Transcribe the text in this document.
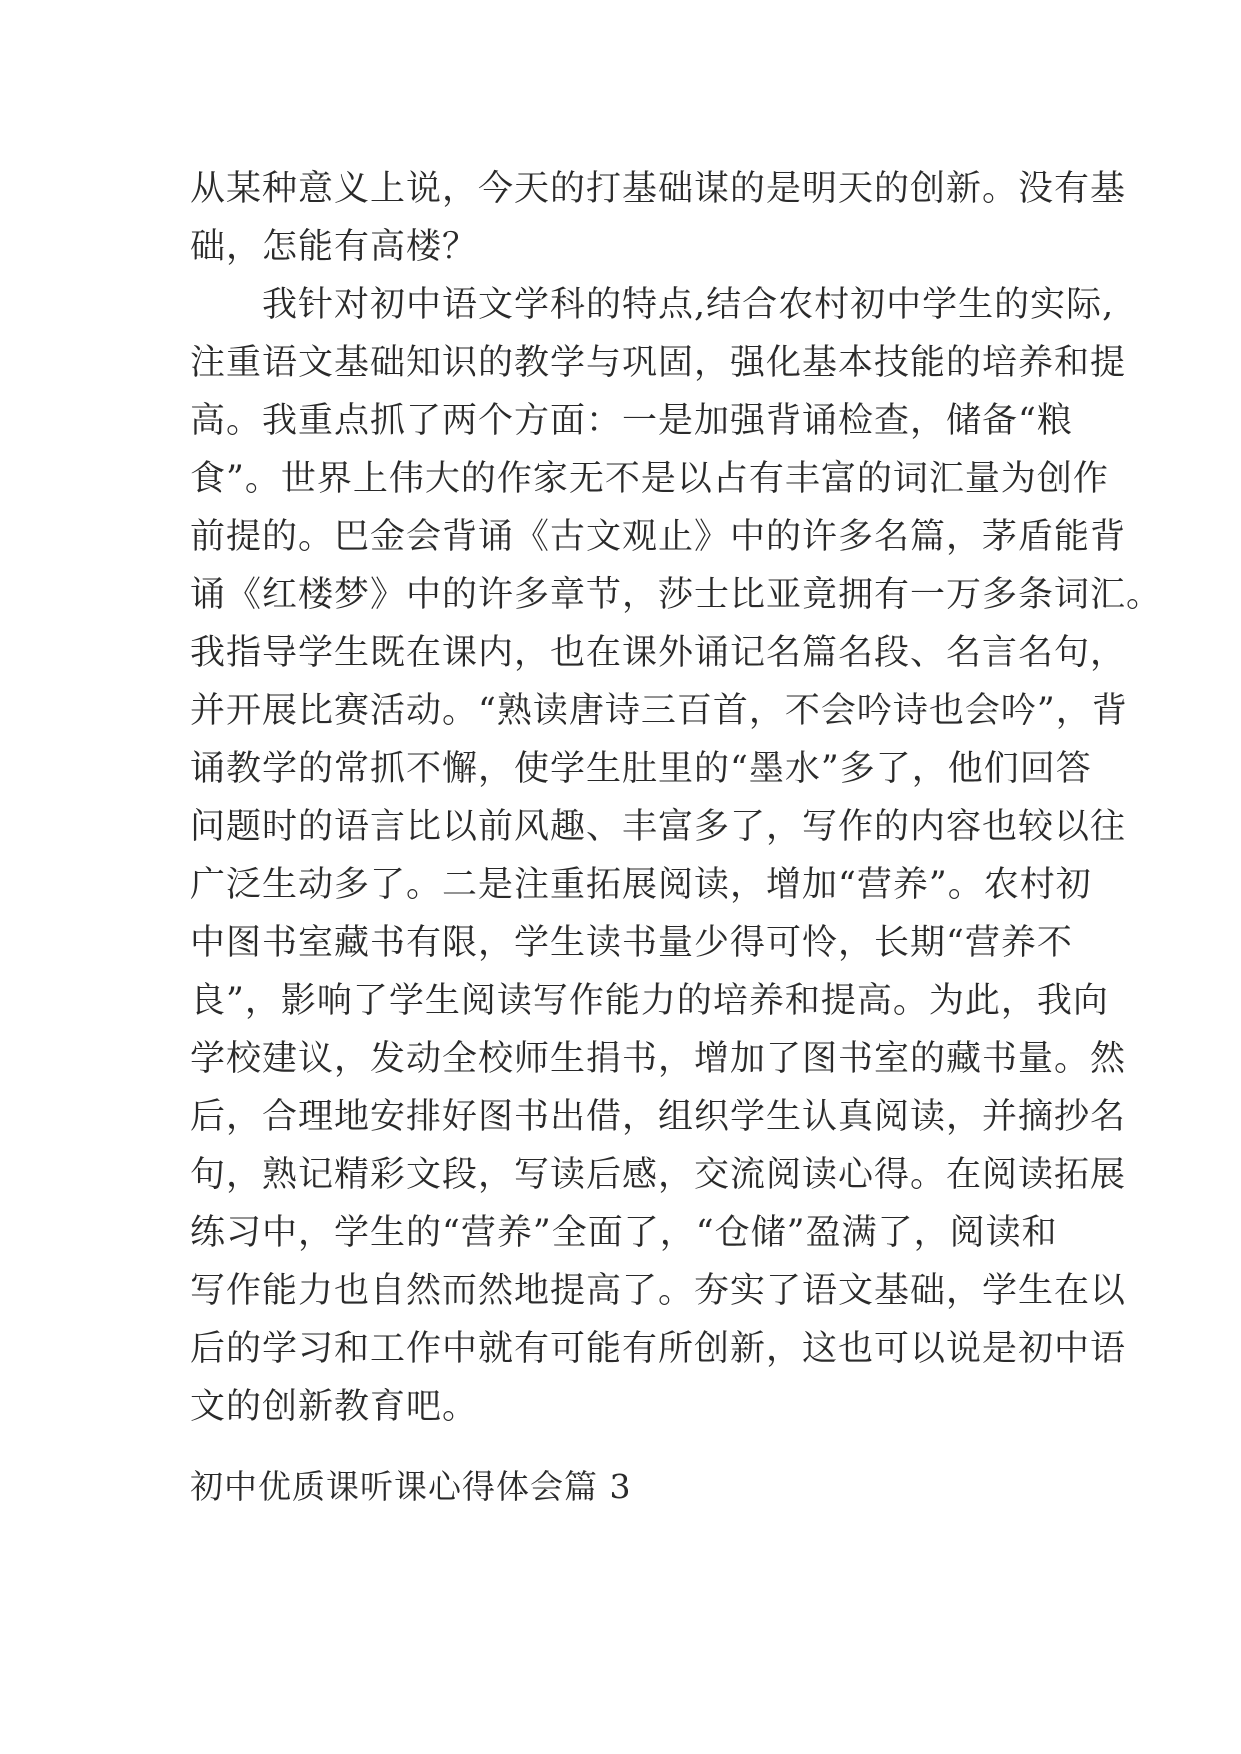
从某种意义上说，今天的打基础谋的是明天的创新。没有基
础，怎能有高楼？
　　我针对初中语文学科的特点,结合农村初中学生的实际,
注重语文基础知识的教学与巩固，强化基本技能的培养和提
高。我重点抓了两个方面：一是加强背诵检查，储备“粮
食”。世界上伟大的作家无不是以占有丰富的词汇量为创作
前提的。巴金会背诵《古文观止》中的许多名篇，茅盾能背
诵《红楼梦》中的许多章节，莎士比亚竟拥有一万多条词汇。
我指导学生既在课内，也在课外诵记名篇名段、名言名句，
并开展比赛活动。“熟读唐诗三百首，不会吟诗也会吟”，背
诵教学的常抓不懈，使学生肚里的“墨水”多了，他们回答
问题时的语言比以前风趣、丰富多了，写作的内容也较以往
广泛生动多了。二是注重拓展阅读，增加“营养”。农村初
中图书室藏书有限，学生读书量少得可怜，长期“营养不
良”，影响了学生阅读写作能力的培养和提高。为此，我向
学校建议，发动全校师生捐书，增加了图书室的藏书量。然
后，合理地安排好图书出借，组织学生认真阅读，并摘抄名
句，熟记精彩文段，写读后感，交流阅读心得。在阅读拓展
练习中，学生的“营养”全面了，“仓储”盈满了，阅读和
写作能力也自然而然地提高了。夯实了语文基础，学生在以
后的学习和工作中就有可能有所创新，这也可以说是初中语
文的创新教育吧。
初中优质课听课心得体会篇 3
